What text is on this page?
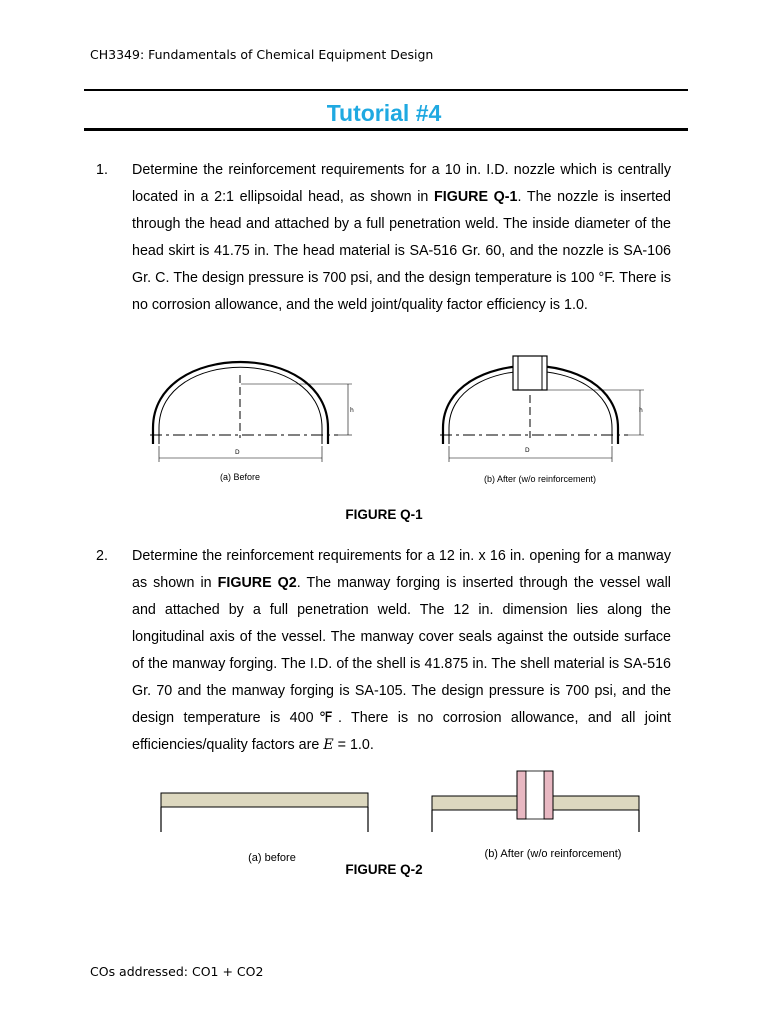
CH3349: Fundamentals of Chemical Equipment Design
Tutorial #4
1. Determine the reinforcement requirements for a 10 in. I.D. nozzle which is centrally located in a 2:1 ellipsoidal head, as shown in FIGURE Q-1. The nozzle is inserted through the head and attached by a full penetration weld. The inside diameter of the head skirt is 41.75 in. The head material is SA-516 Gr. 60, and the nozzle is SA-106 Gr. C. The design pressure is 700 psi, and the design temperature is 100 °F. There is no corrosion allowance, and the weld joint/quality factor efficiency is 1.0.
h
D
h
D
(a) Before	(b) After (w/o reinforcement)
FIGURE Q-1
2. Determine the reinforcement requirements for a 12 in. x 16 in. opening for a manway as shown in FIGURE Q2. The manway forging is inserted through the vessel wall and attached by a full penetration weld. The 12 in. dimension lies along the longitudinal axis of the vessel. The manway cover seals against the outside surface of the manway forging. The I.D. of the shell is 41.875 in. The shell material is SA-516 Gr. 70 and the manway forging is SA-105. The design pressure is 700 psi, and the design temperature is 400℉. There is no corrosion allowance, and all joint efficiencies/quality factors are E = 1.0.
(a) before	(b) After (w/o reinforcement)
FIGURE Q-2
COs addressed: CO1 + CO2
